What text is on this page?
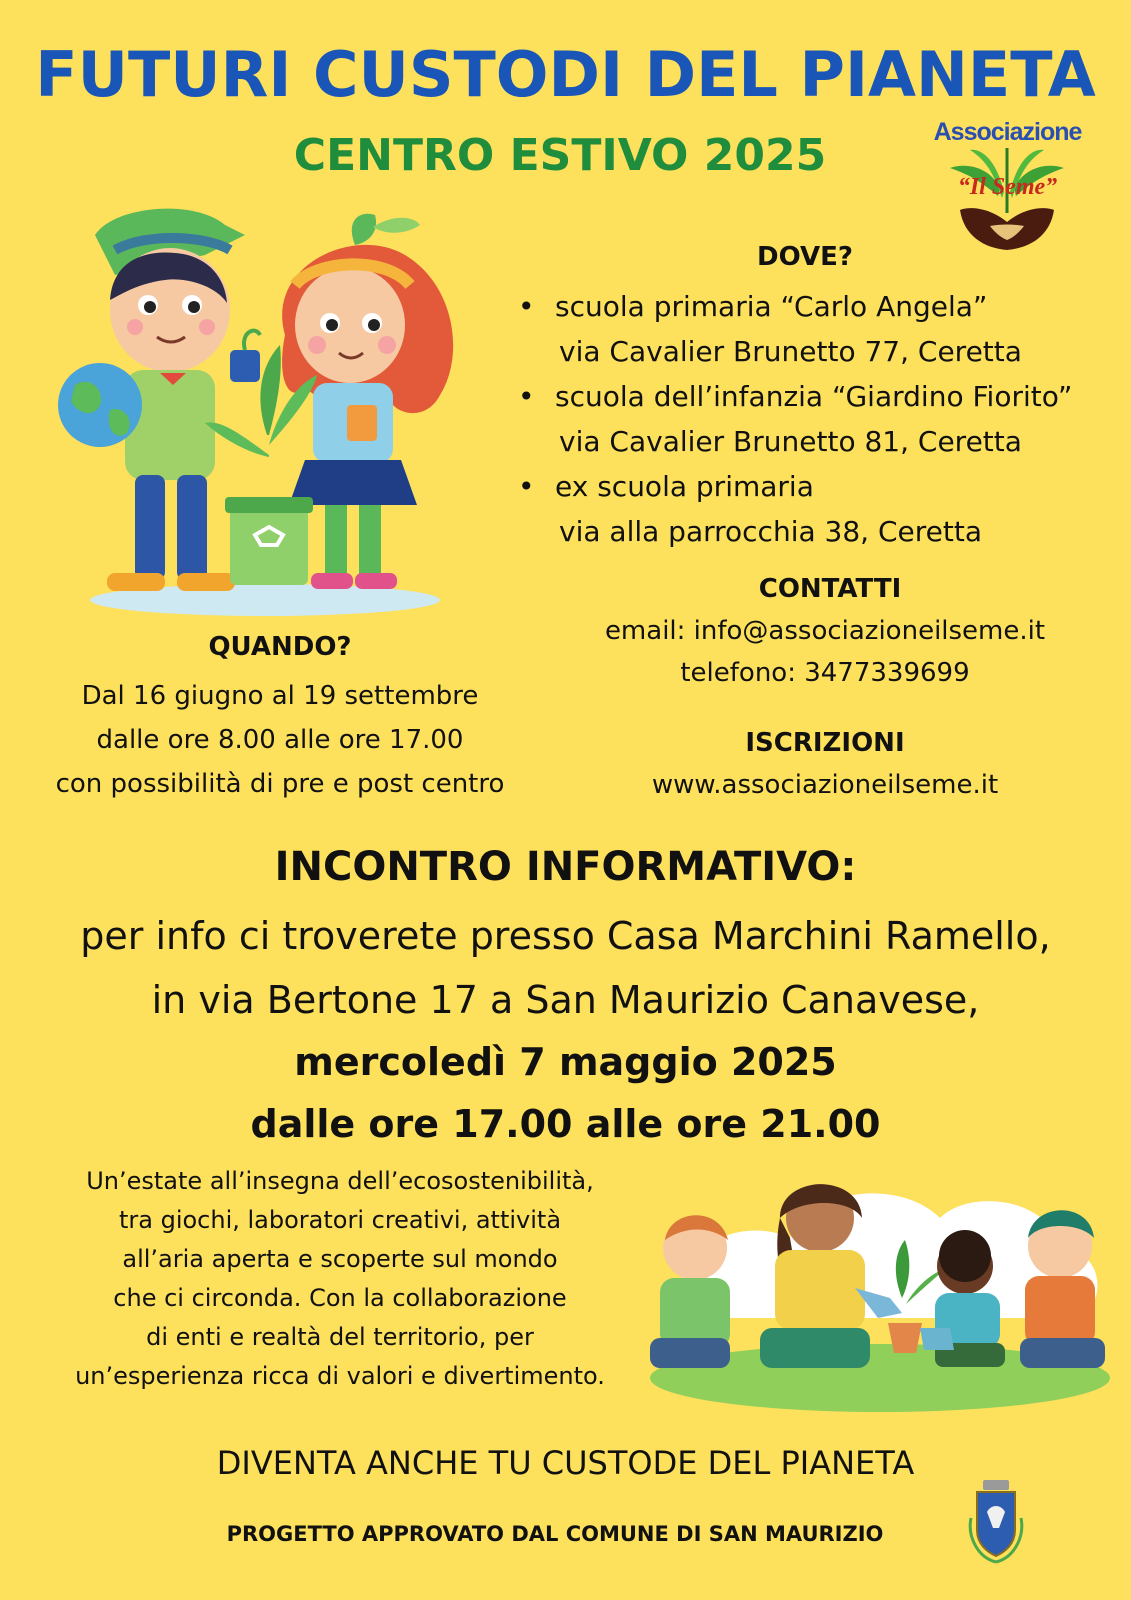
FUTURI CUSTODI DEL PIANETA
CENTRO ESTIVO 2025	Associazione
“Il Seme”
DOVE?
• scuola primaria “Carlo Angela”
via Cavalier Brunetto 77, Ceretta
• scuola dell’infanzia “Giardino Fiorito”
via Cavalier Brunetto 81, Ceretta
• ex scuola primaria
via alla parrocchia 38, Ceretta
CONTATTI
email: info@associazioneilseme.it
telefono: 3477339699
ISCRIZIONI
www.associazioneilseme.it
QUANDO?
Dal 16 giugno al 19 settembre
dalle ore 8.00 alle ore 17.00
con possibilità di pre e post centro
INCONTRO INFORMATIVO:
per info ci troverete presso Casa Marchini Ramello,
in via Bertone 17 a San Maurizio Canavese,
mercoledì 7 maggio 2025
dalle ore 17.00 alle ore 21.00
Un’estate all’insegna dell’ecosostenibilità,
tra giochi, laboratori creativi, attività
all’aria aperta e scoperte sul mondo
che ci circonda. Con la collaborazione
di enti e realtà del territorio, per
un’esperienza ricca di valori e divertimento.
DIVENTA ANCHE TU CUSTODE DEL PIANETA
PROGETTO APPROVATO DAL COMUNE DI SAN MAURIZIO
